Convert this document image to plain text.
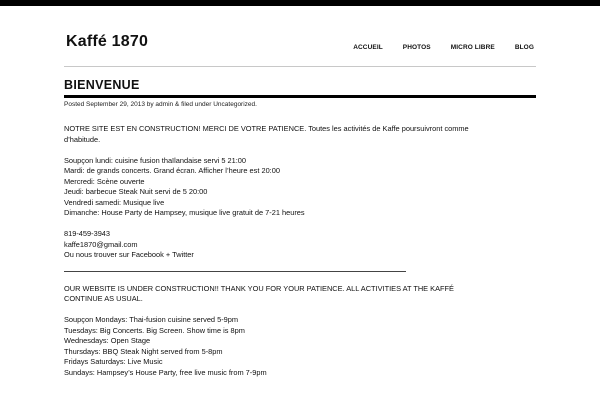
Kaffé 1870	ACCUEIL	PHOTOS	MICRO LIBRE	BLOG
BIENVENUE
Posted September 29, 2013 by admin & filed under Uncategorized.

NOTRE SITE EST EN CONSTRUCTION! MERCI DE VOTRE PATIENCE. Toutes les activités de Kaffe poursuivront comme

d’habitude.

Soupçon lundi: cuisine fusion thaïlandaise servi 5 21:00

Mardi: de grands concerts. Grand écran. Afficher l’heure est 20:00

Mercredi: Scène ouverte

Jeudi: barbecue Steak Nuit servi de 5 20:00

Vendredi samedi: Musique live

Dimanche: House Party de Hampsey, musique live gratuit de 7-21 heures

819-459-3943

kaffe1870@gmail.com

Ou nous trouver sur Facebook + Twitter

OUR WEBSITE IS UNDER CONSTRUCTION!! THANK YOU FOR YOUR PATIENCE. ALL ACTIVITIES AT THE KAFFÉ

CONTINUE AS USUAL.

Soupçon Mondays: Thai-fusion cuisine served 5-9pm

Tuesdays: Big Concerts. Big Screen. Show time is 8pm

Wednesdays: Open Stage

Thursdays: BBQ Steak Night served from 5-8pm

Fridays Saturdays: Live Music

Sundays: Hampsey’s House Party, free live music from 7-9pm
